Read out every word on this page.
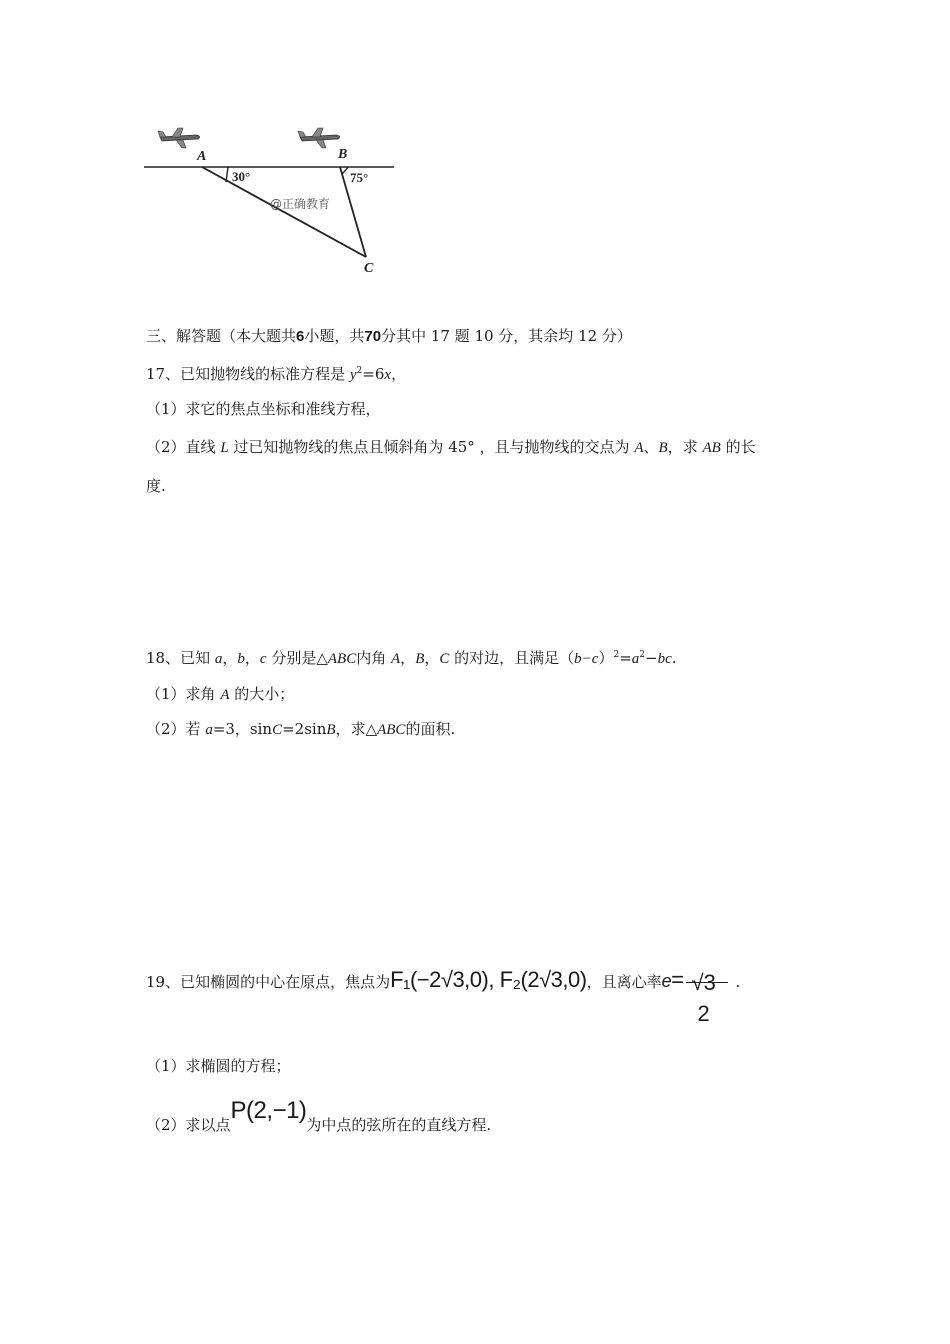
A	B
C
30°	75°
@正确教育
三、解答题（本大题共6小题，共70分其中 17 题 10 分，其余均 12 分）
17、已知抛物线的标准方程是 $y^2=6x$，
（1）求它的焦点坐标和准线方程，
（2）直线 L 过已知抛物线的焦点且倾斜角为 45° ，且与抛物线的交点为 A、B，求 AB 的长
度.
18、已知 a，b，c 分别是△ABC内角 A，B，C 的对边，且满足$(b-c)^2=a^2-bc$.
（1）求角 A 的大小；
（2）若 a=3，sinC=2sinB，求△ABC的面积.
19、已知椭圆的中心在原点，焦点为F₁(−2√3,0), F₂(2√3,0)，且离心率e= √3
2
.
（1）求椭圆的方程；
（2）求以点P(2,−1)为中点的弦所在的直线方程.
